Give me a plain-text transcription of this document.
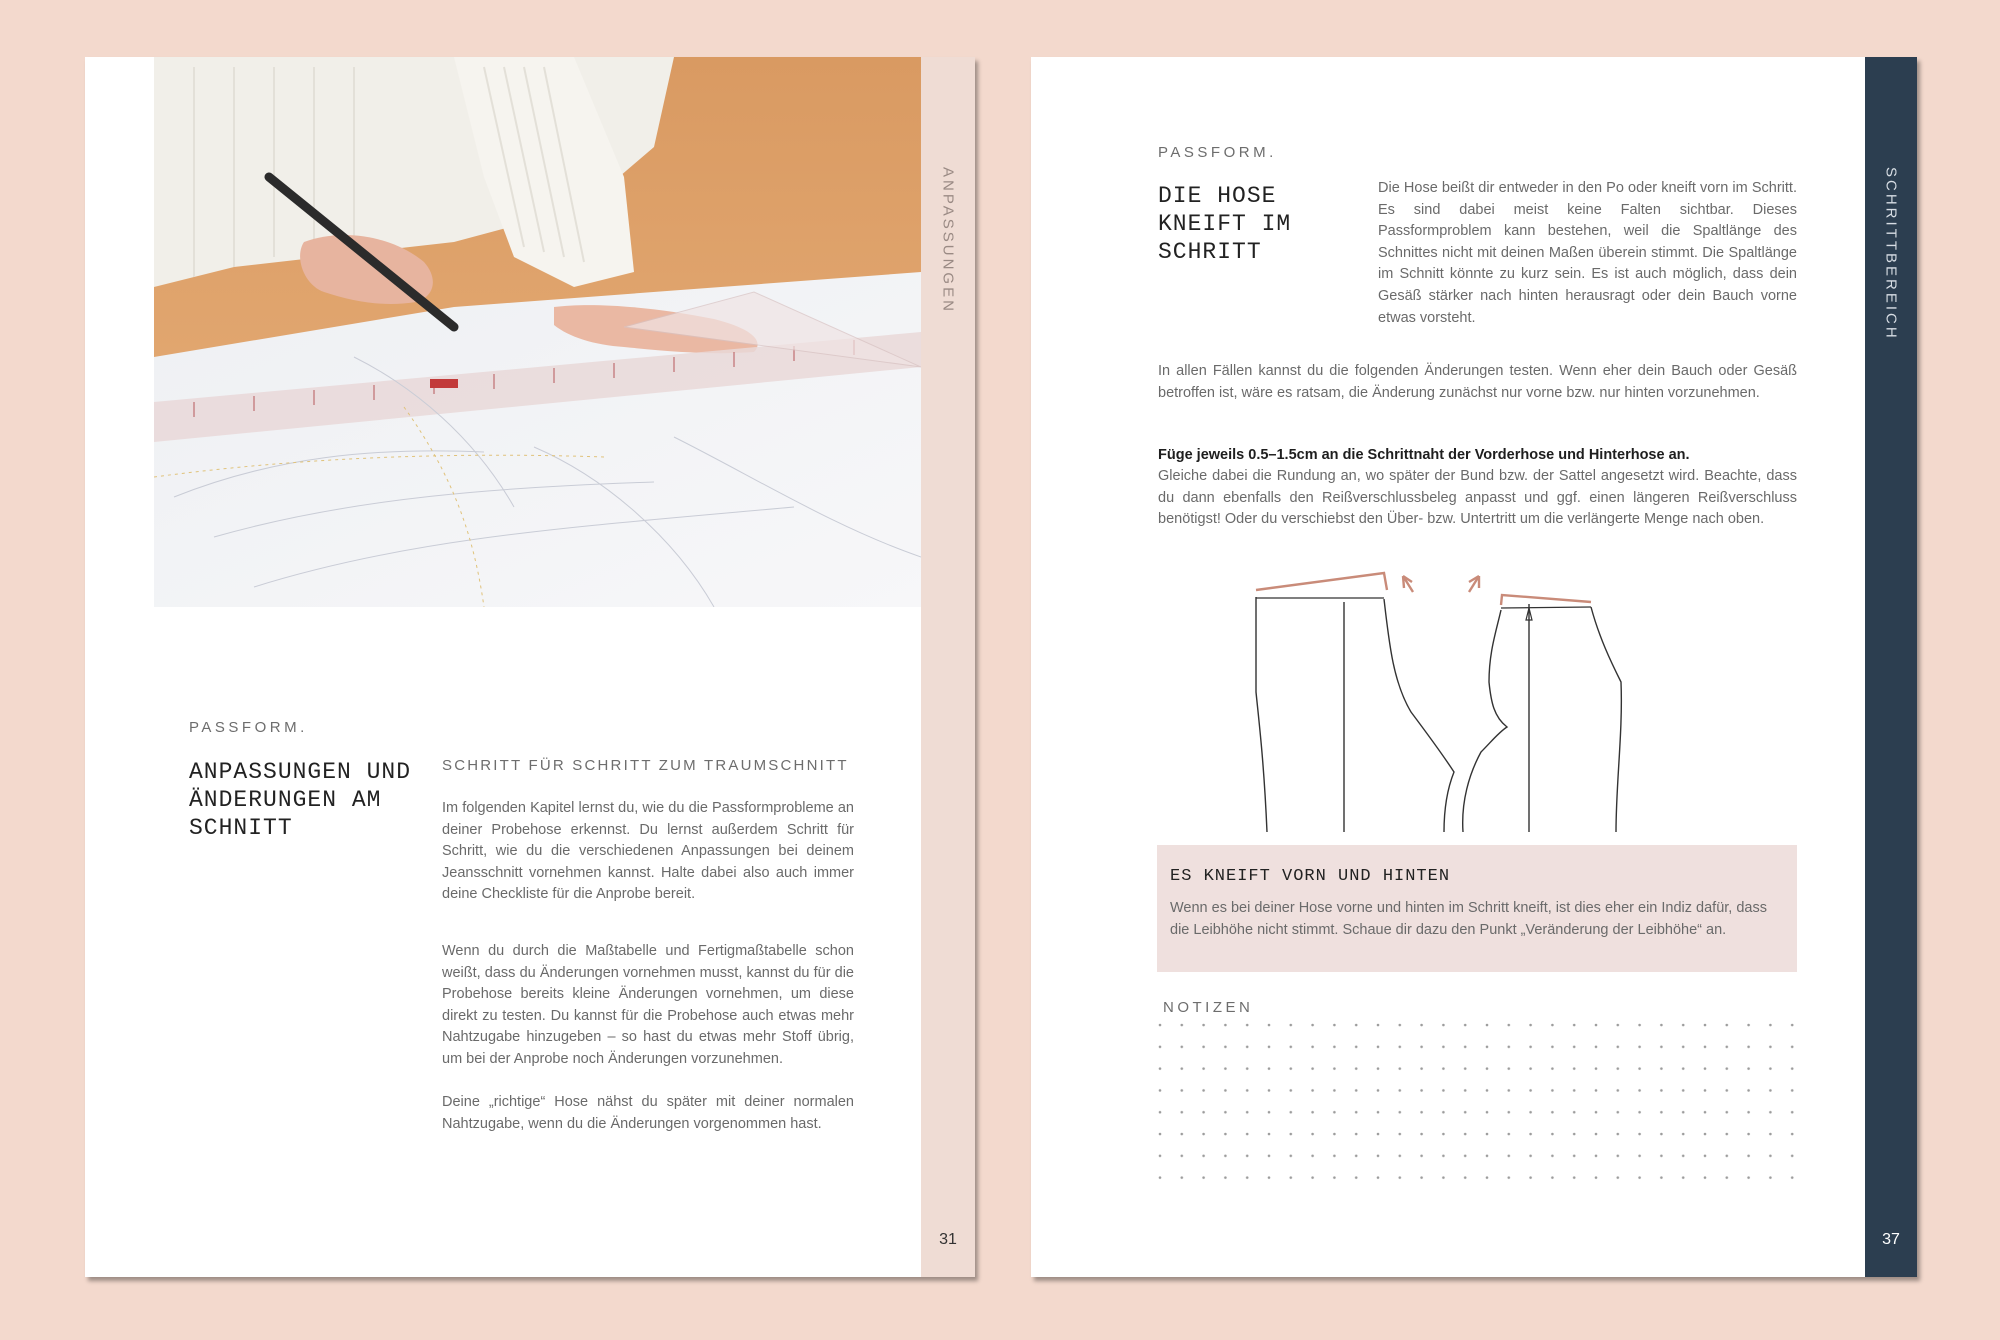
PASSFORM.
ANPASSUNGEN UND
ÄNDERUNGEN AM
SCHNITT
SCHRITT FÜR SCHRITT ZUM TRAUMSCHNITT

Im folgenden Kapitel lernst du, wie du die Passformprobleme an deiner Probehose erkennst. Du lernst außerdem Schritt für Schritt, wie du die verschiedenen Anpassungen bei deinem Jeansschnitt vornehmen kannst. Halte dabei also auch immer deine Checkliste für die Anprobe bereit.

Wenn du durch die Maßtabelle und Fertigmaßtabelle schon weißt, dass du Änderungen vornehmen musst, kannst du für die Probehose bereits kleine Änderungen vornehmen, um diese direkt zu testen. Du kannst für die Probehose auch etwas mehr Nahtzugabe hinzugeben – so hast du etwas mehr Stoff übrig, um bei der Anprobe noch Änderungen vorzunehmen.

Deine „richtige“ Hose nähst du später mit deiner normalen Nahtzugabe, wenn du die Änderungen vorgenommen hast.

ANPASSUNGEN
31
PASSFORM.
DIE HOSE
KNEIFT IM
SCHRITT

Die Hose beißt dir entweder in den Po oder kneift vorn im Schritt. Es sind dabei meist keine Falten sichtbar. Dieses Passformproblem kann bestehen, weil die Spaltlänge des Schnittes nicht mit deinen Maßen überein stimmt. Die Spaltlänge im Schnitt könnte zu kurz sein. Es ist auch möglich, dass dein Gesäß stärker nach hinten herausragt oder dein Bauch vorne etwas vorsteht.

In allen Fällen kannst du die folgenden Änderungen testen. Wenn eher dein Bauch oder Gesäß betroffen ist, wäre es ratsam, die Änderung zunächst nur vorne bzw. nur hinten vorzunehmen.

Füge jeweils 0.5–1.5cm an die Schrittnaht der Vorderhose und Hinterhose an.

Gleiche dabei die Rundung an, wo später der Bund bzw. der Sattel angesetzt wird. Beachte, dass du dann ebenfalls den Reißverschlussbeleg anpasst und ggf. einen längeren Reißverschluss benötigst! Oder du verschiebst den Über- bzw. Untertritt um die verlängerte Menge nach oben.

ES KNEIFT VORN UND HINTEN

Wenn es bei deiner Hose vorne und hinten im Schritt kneift, ist dies eher ein Indiz dafür, dass die Leibhöhe nicht stimmt. Schaue dir dazu den Punkt „Veränderung der Leibhöhe“ an.

NOTIZEN
SCHRITTBEREICH
37
